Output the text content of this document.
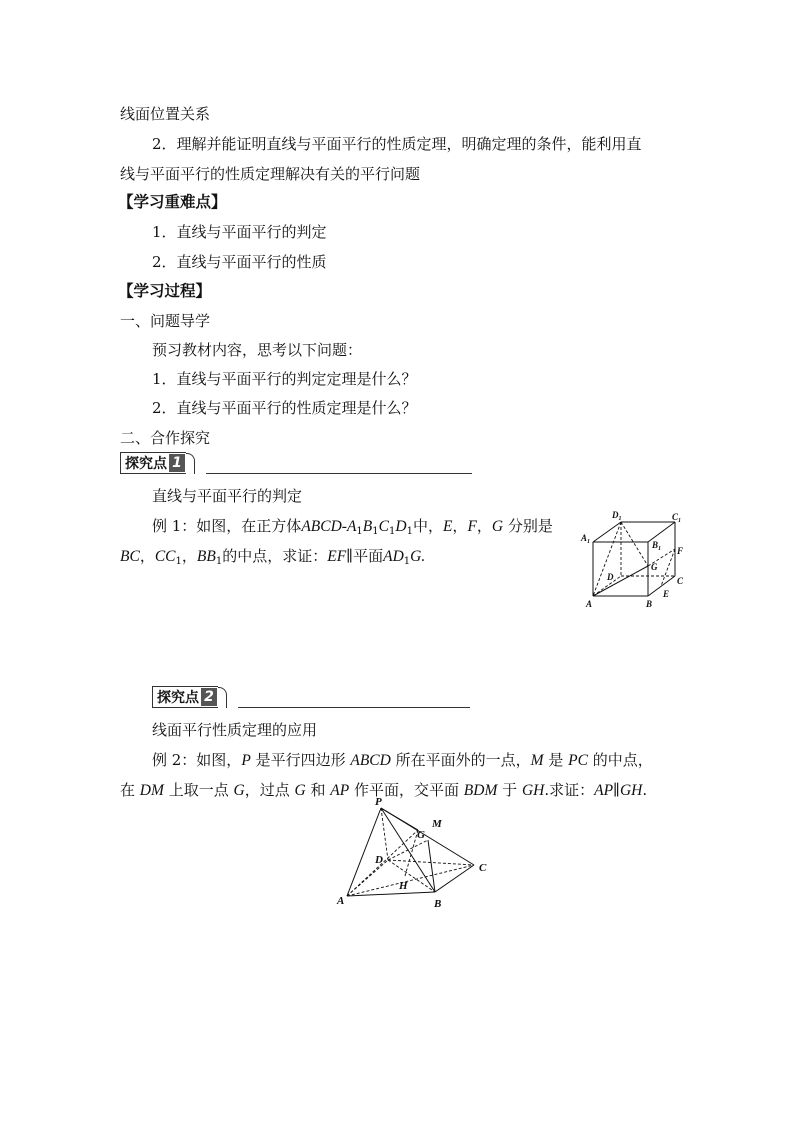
线面位置关系
2．理解并能证明直线与平面平行的性质定理，明确定理的条件，能利用直
线与平面平行的性质定理解决有关的平行问题
【学习重难点】
1．直线与平面平行的判定
2．直线与平面平行的性质
【学习过程】
一、问题导学
预习教材内容，思考以下问题：
1．直线与平面平行的判定定理是什么？
2．直线与平面平行的性质定理是什么？
二、合作探究
探究点 1
直线与平面平行的判定
例 1：如图，在正方体ABCD-$A_1B_1C_1D_1$中，E，F，G 分别是
BC，$CC_1$，$BB_1$的中点，求证：EF∥平面$AD_1G$.
$D_1$	$C_1$
$A_1$	$B_1$ F
G
D	C
E
A	B
探究点 2
线面平行性质定理的应用
例 2：如图，P 是平行四边形 ABCD 所在平面外的一点，M 是 PC 的中点，
在 DM 上取一点 G，过点 G 和 AP 作平面，交平面 BDM 于 GH.求证：AP∥GH.
P
M
G
D
H
C
A	B
